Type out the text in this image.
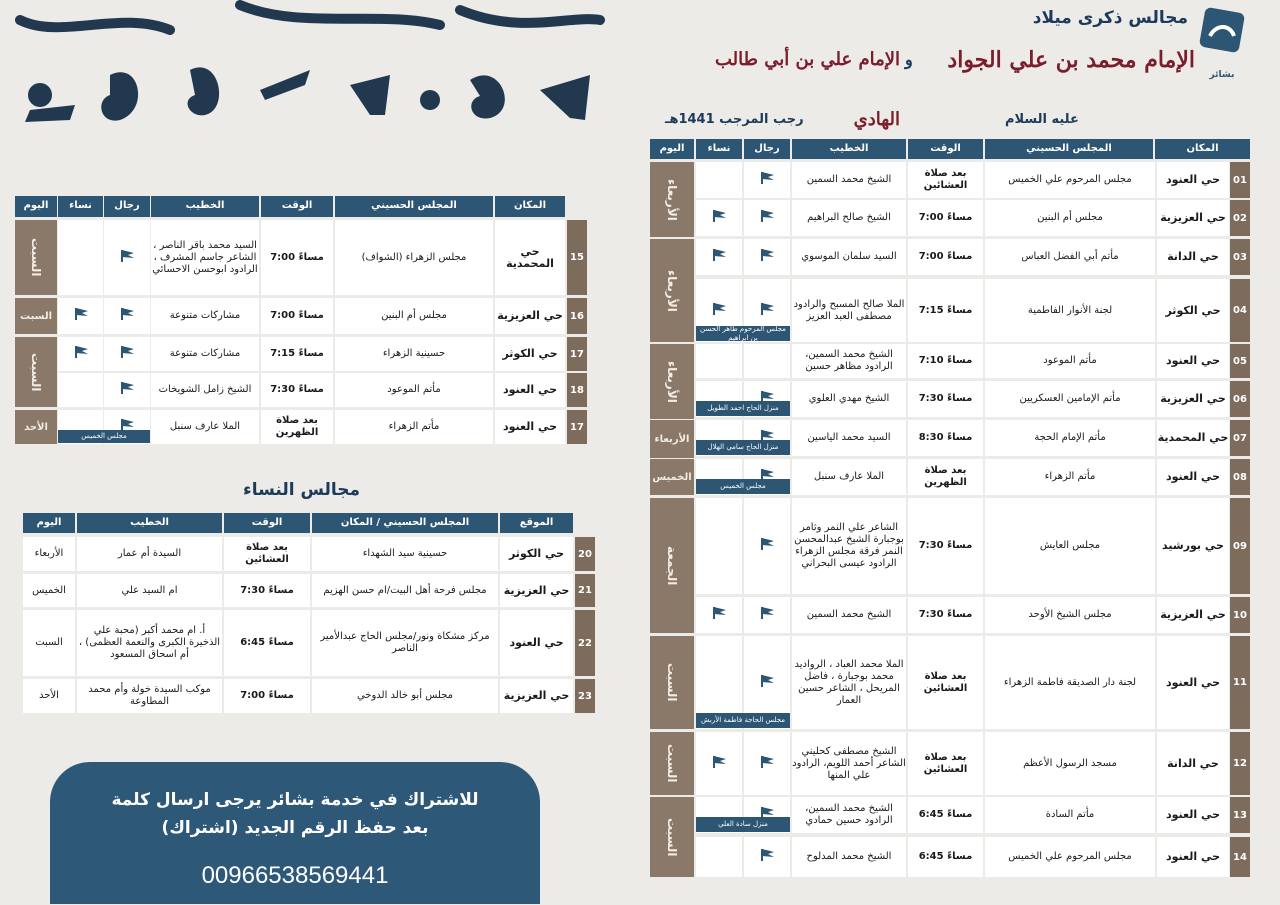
بشائر
مجالس ذكرى ميلاد
الإمام محمد بن علي الجواد
و
الإمام علي بن أبي طالب الهادي	عليه السلام
رجب المرجب 1441هـ
المكان
المجلس الحسيني
الوقت
الخطيب
رجال
نساء
اليوم
01
حي العنود
مجلس المرحوم علي الخميس
بعد صلاة العشائين
الشيخ محمد السمين
02
حي العزيزية
مجلس أم البنين
7:00 مساءً
الشيخ صالح البراهيم
03
حي الدانة
مأتم أبي الفضل العباس
7:00 مساءً
السيد سلمان الموسوي
04
حي الكوثر
لجنة الأنوار الفاطمية
7:15 مساءً
الملا صالح المسبح والرادود مصطفى العبد العزيز
مجلس المرحوم طاهر الحسن بن ابراهيم
05
حي العنود
مأتم الموعود
7:10 مساءً
الشيخ محمد السمين، الرادود مظاهر حسين
06
حي العزيزية
مأتم الإمامين العسكريين
7:30 مساءً
الشيخ مهدي العلوي
منزل الحاج احمد الطويل
07
حي المحمدية
مأتم الإمام الحجة
8:30 مساءً
السيد محمد الياسين
منزل الحاج سامي الهلال
08
حي العنود
مأتم الزهراء
بعد صلاة الظهرين
الملا عارف سنبل
مجلس الخميس
09
حي بورشيد
مجلس العايش
7:30 مساءً
الشاعر علي النمر وثامر بوجبارة الشيخ عبدالمحسن النمر فرقة مجلس الزهراء الرادود عيسى البحراني
10
حي العزيزية
مجلس الشيخ الأوحد
7:30 مساءً
الشيخ محمد السمين
11
حي العنود
لجنة دار الصديقة فاطمة الزهراء
بعد صلاة العشائين
الملا محمد العباد ، الرواديد محمد بوجبارة ، فاضل المريحل ، الشاعر حسين العمار
مجلس الحاجة فاطمة الأربش
12
حي الدانة
مسجد الرسول الأعظم
بعد صلاة العشائين
الشيخ مصطفى كحليني الشاعر أحمد اللويم، الرادود علي المنها
13
حي العنود
مأتم السادة
6:45 مساءً
الشيخ محمد السمين، الرادود حسين حمادي
منزل سادة العلي
14
حي العنود
مجلس المرحوم علي الخميس
6:45 مساءً
الشيخ محمد المدلوح
الأربعاء
الأربعاء
الأربعاء
الأربعاء
الخميس
الجمعة
السبت
السبت
السبت
المكان
المجلس الحسيني
الوقت
الخطيب
رجال
نساء
اليوم
15
حي المحمدية
مجلس الزهراء (الشواف)
7:00 مساءً
السيد محمد باقر الناصر ، الشاعر جاسم المشرف ، الرادود ابوحسن الاحسائي
16
حي العزيزية
مجلس أم البنين
7:00 مساءً
مشاركات متنوعة
17
حي الكوثر
حسينية الزهراء
7:15 مساءً
مشاركات متنوعة
18
حي العنود
مأتم الموعود
7:30 مساءً
الشيخ زامل الشويخات
17
حي العنود
مأتم الزهراء
بعد صلاة الظهرين
الملا عارف سنبل
مجلس الخميس
السبت
السبت
السبت
الأحد
مجالس النساء
الموقع
المجلس الحسيني / المكان
الوقت
الخطيب
اليوم
20
حي الكوثر
حسينية سيد الشهداء
بعد صلاة العشائين
السيدة أم عمار
الأربعاء
21
حي العزيزية
مجلس فرحة أهل البيت/ام حسن الهزيم
7:30 مساءً
ام السيد علي
الخميس
22
حي العنود
مركز مشكاة ونور/مجلس الحاج عبدالأمير الناصر
6:45 مساءً
أ. ام محمد أكبر (محبة علي الذخيرة الكبرى والنعمة العظمى) ، أم اسحاق المسعود
السبت
23
حي العزيزية
مجلس أبو خالد الدوخي
7:00 مساءً
موكب السيدة خولة وأم محمد المطاوعة
الأحد
للاشتراك في خدمة بشائر يرجى ارسال كلمة
(اشتراك) بعد حفظ الرقم الجديد
00966538569441
